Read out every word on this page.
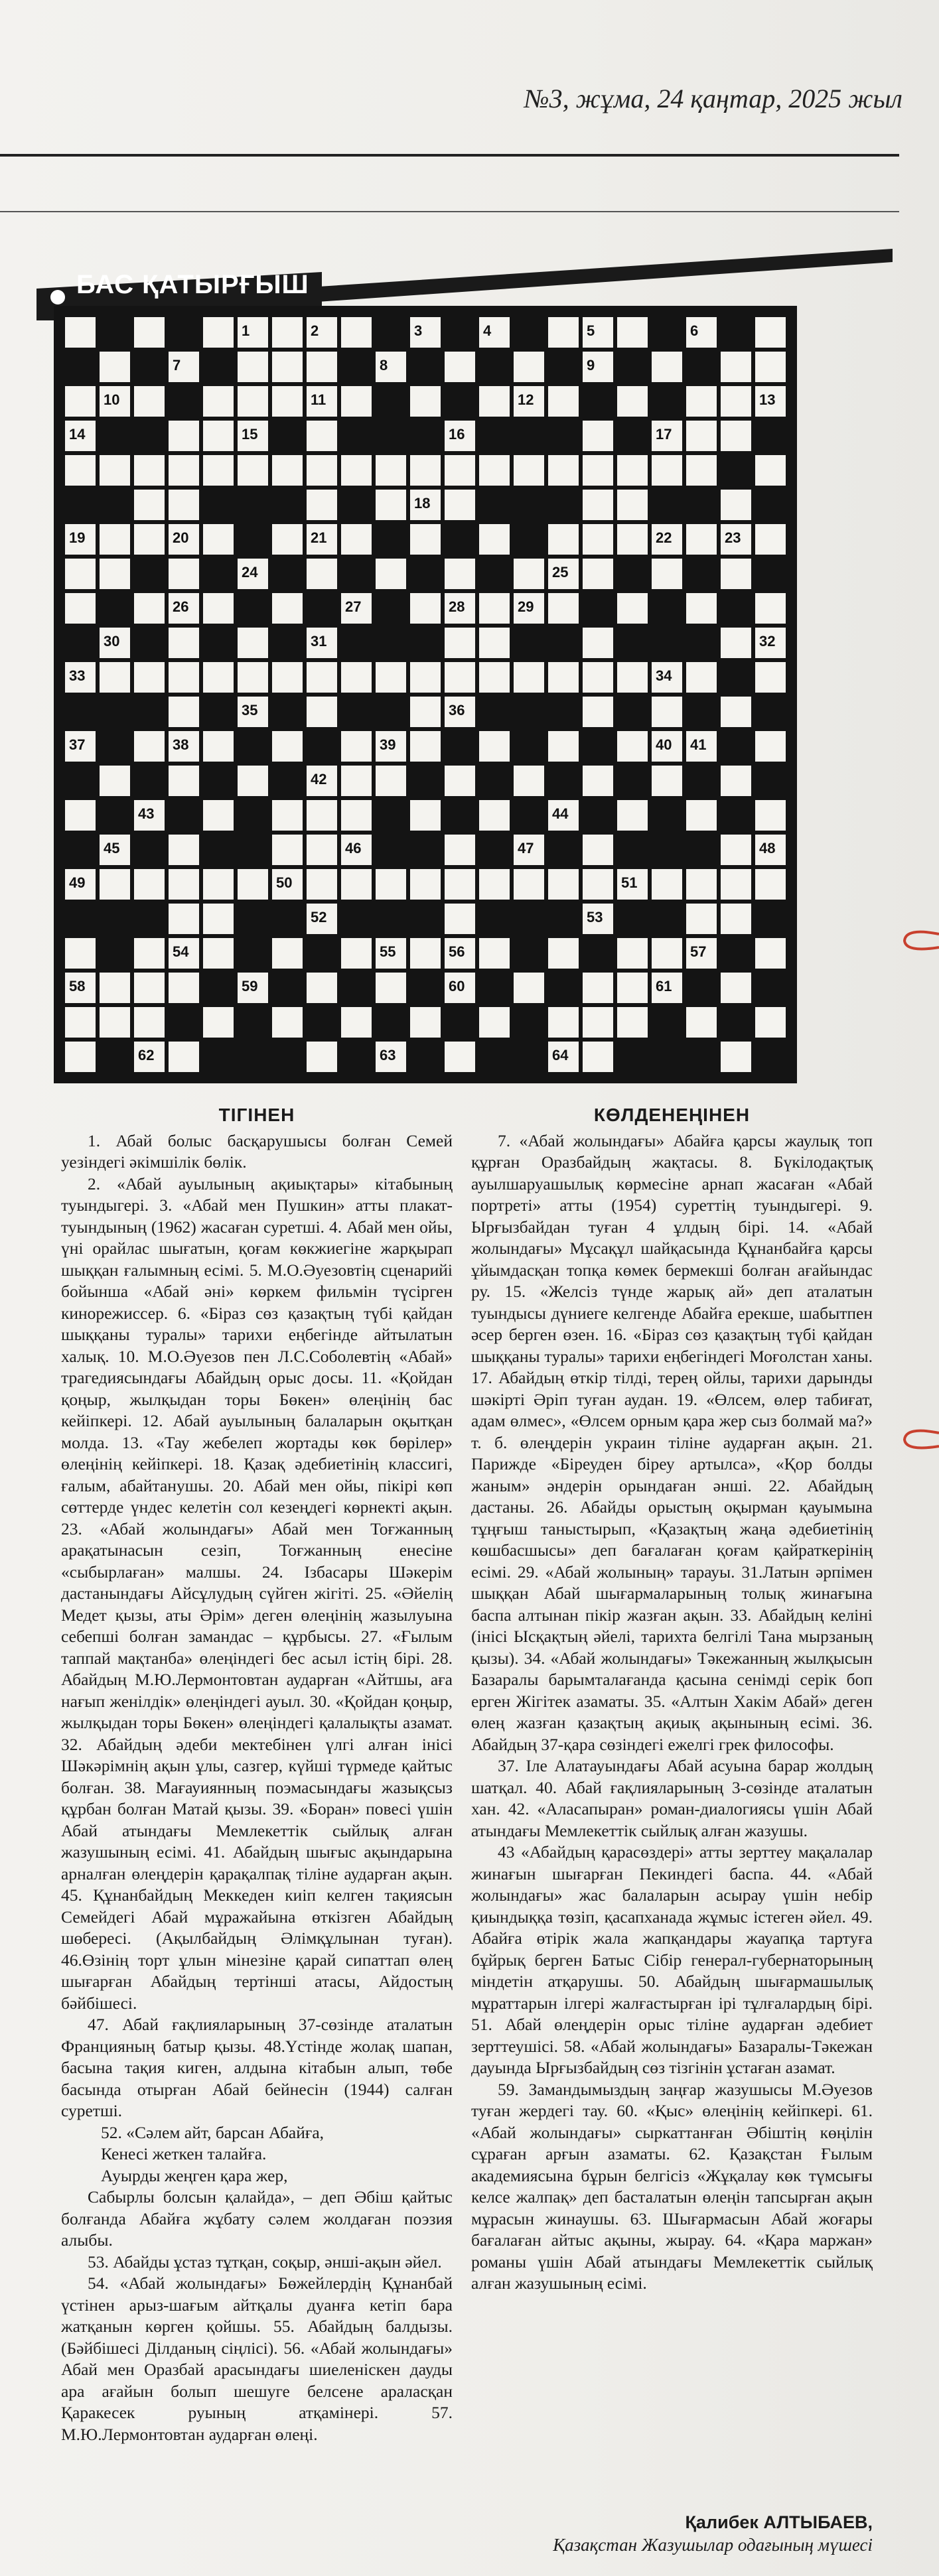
№3, жұма, 24 қаңтар, 2025 жыл
БАС ҚАТЫРҒЫШ
1	2	3	4	5	6
7	8	9
10	11	12	13
14	15	16	17
18
19	20	21	22	23
24	25
26	27	28	29
30	31	32
33	34
35	36
37	38	39	40 41
42
43	44
45	46	47	48
49	50	51
52	53
54	55	56	57
58	59	60	61
62	63	64
ТІГІНЕН

1. Абай болыс басқарушысы болған Семей уезіндегі әкімшілік бөлік.

2. «Абай ауылының ақиықтары» кітабының туындыгері. 3. «Абай мен Пушкин» атты плакат- туындының (1962) жасаған суретші. 4. Абай мен ойы, үні орайлас шығатын, қоғам көкжиегіне жарқырап шыққан ғалымның есімі. 5. М.О.Әуезовтің сценарийі бойынша «Абай әні» көркем фильмін түсірген кинорежиссер. 6. «Біраз сөз қазақтың түбі қайдан шыққаны туралы» тарихи еңбегінде айтылатын халық. 10. М.О.Әуезов пен Л.С.Соболевтің «Абай» трагедиясындағы Абайдың орыс досы. 11. «Қойдан қоңыр, жылқыдан торы Бөкен» өлеңінің бас кейіпкері. 12. Абай ауылының балаларын оқытқан молда. 13. «Тау жебелеп жортады көк бөрілер» өлеңінің кейіпкері. 18. Қазақ әдебиетінің классигі, ғалым, абайтанушы. 20. Абай мен ойы, пікірі көп сөттерде үндес келетін сол кезеңдегі көрнекті ақын. 23. «Абай жолындағы» Абай мен Тоғжанның арақатынасын сезіп, Тоғжанның енесіне «сыбырлаған» малшы. 24. Ізбасары Шәкерім дастанындағы Айсұлудың сүйген жігіті. 25. «Әйелің Медет қызы, аты Әрім» деген өлеңінің жазылуына себепші болған замандас – құрбысы. 27. «Ғылым таппай мақтанба» өлеңіндегі бес асыл істің бірі. 28. Абайдың М.Ю.Лермонтовтан аударған «Айтшы, аға нағып женілдік» өлеңіндегі ауыл. 30. «Қойдан қоңыр, жылқыдан торы Бөкен» өлеңіндегі қалалықты азамат. 32. Абайдың әдеби мектебінен үлгі алған інісі Шәкәрімнің ақын ұлы, сазгер, күйші түрмеде қайтыс болған. 38. Мағауиянның поэмасындағы жазықсыз құрбан болған Матай қызы. 39. «Боран» повесі үшін Абай атындағы Мемлекеттік сыйлық алған жазушының есімі. 41. Абайдың шығыс ақындарына арналған өлеңдерін қарақалпақ тіліне аударған ақын. 45. Құнанбайдың Меккеден киіп келген тақиясын Семейдегі Абай мұражайына өткізген Абайдың шөбересі. (Ақылбайдың Әлімқұлынан туған). 46.Өзінің торт ұлын мінезіне қарай сипаттап өлең шығарған Абайдың тертінші атасы, Айдостың бәйбішесі.

47. Абай ғақлияларының 37-сөзінде аталатын Францияның батыр қызы. 48.Үстінде жолақ шапан, басына тақия киген, алдына кітабын алып, төбе басында отырған Абай бейнесін (1944) салған суретші.

52. «Сәлем айт, барсан Абайға,

Кенесі жеткен талайға.

Ауырды жеңген қара жер,

Сабырлы болсын қалайда», – деп Әбіш қайтыс болғанда Абайға жұбату сәлем жолдаған поэзия алыбы.

53. Абайды ұстаз тұтқан, соқыр, әнші-ақын әйел.

54. «Абай жолындағы» Бөжейлердің Құнанбай үстінен арыз-шағым айтқалы дуанға кетіп бара жатқанын көрген қойшы. 55. Абайдың балдызы. (Бәйбішесі Ділданың сіңлісі). 56. «Абай жолындағы» Абай мен Оразбай арасындағы шиеленіскен дауды ара ағайын болып шешуге белсене араласқан Қаракесек руының атқамінері. 57. М.Ю.Лермонтовтан аударған өлеңі.

КӨЛДЕНЕҢІНЕН

7. «Абай жолындағы» Абайға қарсы жаулық топ құрған Оразбайдың жақтасы. 8. Бүкілодақтық ауылшаруашылық көрмесіне арнап жасаған «Абай портреті» атты (1954) суреттің туындыгері. 9. Ырғызбайдан туған 4 ұлдың бірі. 14. «Абай жолындағы» Мұсақұл шайқасында Құнанбайға қарсы ұйымдасқан топқа көмек бермекші болған ағайындас ру. 15. «Желсіз түнде жарық ай» деп аталатын туындысы дүниеге келгенде Абайға ерекше, шабытпен әсер берген өзен. 16. «Біраз сөз қазақтың түбі қайдан шыққаны туралы» тарихи еңбегіндегі Моғолстан ханы. 17. Абайдың өткір тілді, терең ойлы, тарихи дарынды шәкірті Әріп туған аудан. 19. «Өлсем, өлер табиғат, адам өлмес», «Өлсем орным қара жер сыз болмай ма?» т. б. өлеңдерін украин тіліне аударған ақын. 21. Парижде «Біреуден біреу артылса», «Қор болды жаным» әндерін орындаған әнші. 22. Абайдың дастаны. 26. Абайды орыстың оқырман қауымына тұңғыш таныстырып, «Қазақтың жаңа әдебиетінің көшбасшысы» деп бағалаған қоғам қайраткерінің есімі. 29. «Абай жолының» тарауы. 31.Латын әрпімен шыққан Абай шығармаларының толық жинағына баспа алтынан пікір жазған ақын. 33. Абайдың келіні (інісі Ысқақтың әйелі, тарихта белгілі Тана мырзаның қызы). 34. «Абай жолындағы» Тәкежанның жылқысын Базаралы барымталағанда қасына сенімді серік боп ерген Жігітек азаматы. 35. «Алтын Хакім Абай» деген өлең жазған қазақтың ақиық ақынының есімі. 36. Абайдың 37-қара сөзіндегі ежелгі грек философы.

37. Іле Алатауындағы Абай асуына барар жолдың шатқал. 40. Абай ғақлияларының 3-сөзінде аталатын хан. 42. «Аласапыран» роман-диалогиясы үшін Абай атындағы Мемлекеттік сыйлық алған жазушы.

43 «Абайдың қарасөздері» атты зерттеу мақалалар жинағын шығарған Пекиндегі баспа. 44. «Абай жолындағы» жас балаларын асырау үшін небір қиындыққа төзіп, қасапханада жұмыс істеген әйел. 49. Абайға өтірік жала жапқандары жауапқа тартуға бұйрық берген Батыс Сібір генерал-губернаторының міндетін атқарушы. 50. Абайдың шығармашылық мұраттарын ілгері жалғастырған ірі тұлғалардың бірі. 51. Абай өлеңдерін орыс тіліне аударған әдебиет зерттеушісі. 58. «Абай жолындағы» Базаралы-Тәкежан дауында Ырғызбайдың сөз тізгінін ұстаған азамат.

59. Замандымыздың заңғар жазушысы М.Әуезов туған жердегі тау. 60. «Қыс» өлеңінің кейіпкері. 61. «Абай жолындағы» сыркаттанған Әбіштің көңілін сұраған арғын азаматы. 62. Қазақстан Ғылым академиясына бұрын белгісіз «Жұқалау көк түмсығы келсе жалпақ» деп басталатын өлеңін тапсырған ақын мұрасын жинаушы. 63. Шығармасын Абай жоғары бағалаған айтыс ақыны, жырау. 64. «Қара маржан» романы үшін Абай атындағы Мемлекеттік сыйлық алған жазушының есімі.

Қалибек АЛТЫБАЕВ,
Қазақстан Жазушылар одағының мүшесі
